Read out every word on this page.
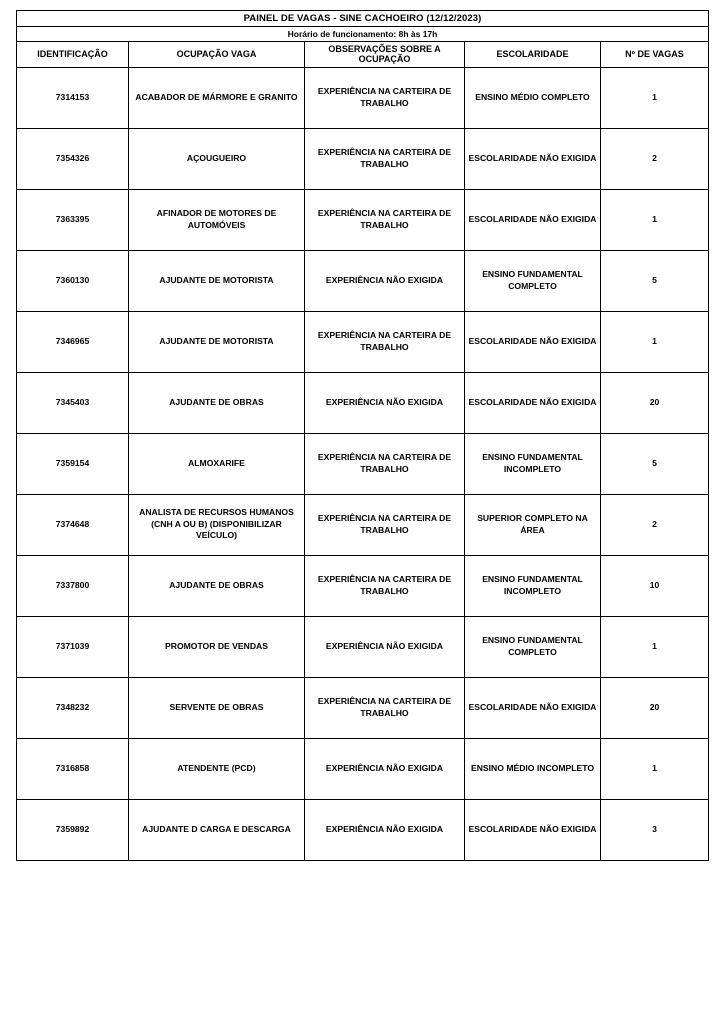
PAINEL DE VAGAS - SINE CACHOEIRO (12/12/2023)				
Horário de funcionamento: 8h às 17h				
IDENTIFICAÇÃO	OCUPAÇÃO VAGA	OBSERVAÇÕES SOBRE A OCUPAÇÃO	ESCOLARIDADE	Nº DE VAGAS
7314153	ACABADOR DE MÁRMORE E GRANITO	EXPERIÊNCIA NA CARTEIRA DE TRABALHO	ENSINO MÉDIO COMPLETO	1
7354326	AÇOUGUEIRO	EXPERIÊNCIA NA CARTEIRA DE TRABALHO	ESCOLARIDADE NÃO EXIGIDA	2
7363395	AFINADOR DE MOTORES DE AUTOMÓVEIS	EXPERIÊNCIA NA CARTEIRA DE TRABALHO	ESCOLARIDADE NÃO EXIGIDA	1
7360130	AJUDANTE DE MOTORISTA	EXPERIÊNCIA NÃO EXIGIDA	ENSINO FUNDAMENTAL COMPLETO	5
7346965	AJUDANTE DE MOTORISTA	EXPERIÊNCIA NA CARTEIRA DE TRABALHO	ESCOLARIDADE NÃO EXIGIDA	1
7345403	AJUDANTE DE OBRAS	EXPERIÊNCIA NÃO EXIGIDA	ESCOLARIDADE NÃO EXIGIDA	20
7359154	ALMOXARIFE	EXPERIÊNCIA NA CARTEIRA DE TRABALHO	ENSINO FUNDAMENTAL INCOMPLETO	5
7374648	ANALISTA DE RECURSOS HUMANOS (CNH A OU B) (DISPONIBILIZAR VEÍCULO)	EXPERIÊNCIA NA CARTEIRA DE TRABALHO	SUPERIOR COMPLETO NA ÁREA	2
7337800	AJUDANTE DE OBRAS	EXPERIÊNCIA NA CARTEIRA DE TRABALHO	ENSINO FUNDAMENTAL INCOMPLETO	10
7371039	PROMOTOR DE VENDAS	EXPERIÊNCIA NÃO EXIGIDA	ENSINO FUNDAMENTAL COMPLETO	1
7348232	SERVENTE DE OBRAS	EXPERIÊNCIA NA CARTEIRA DE TRABALHO	ESCOLARIDADE NÃO EXIGIDA	20
7316858	ATENDENTE (PCD)	EXPERIÊNCIA NÃO EXIGIDA	ENSINO MÉDIO INCOMPLETO	1
7359892	AJUDANTE D CARGA E DESCARGA	EXPERIÊNCIA NÃO EXIGIDA	ESCOLARIDADE NÃO EXIGIDA	3
